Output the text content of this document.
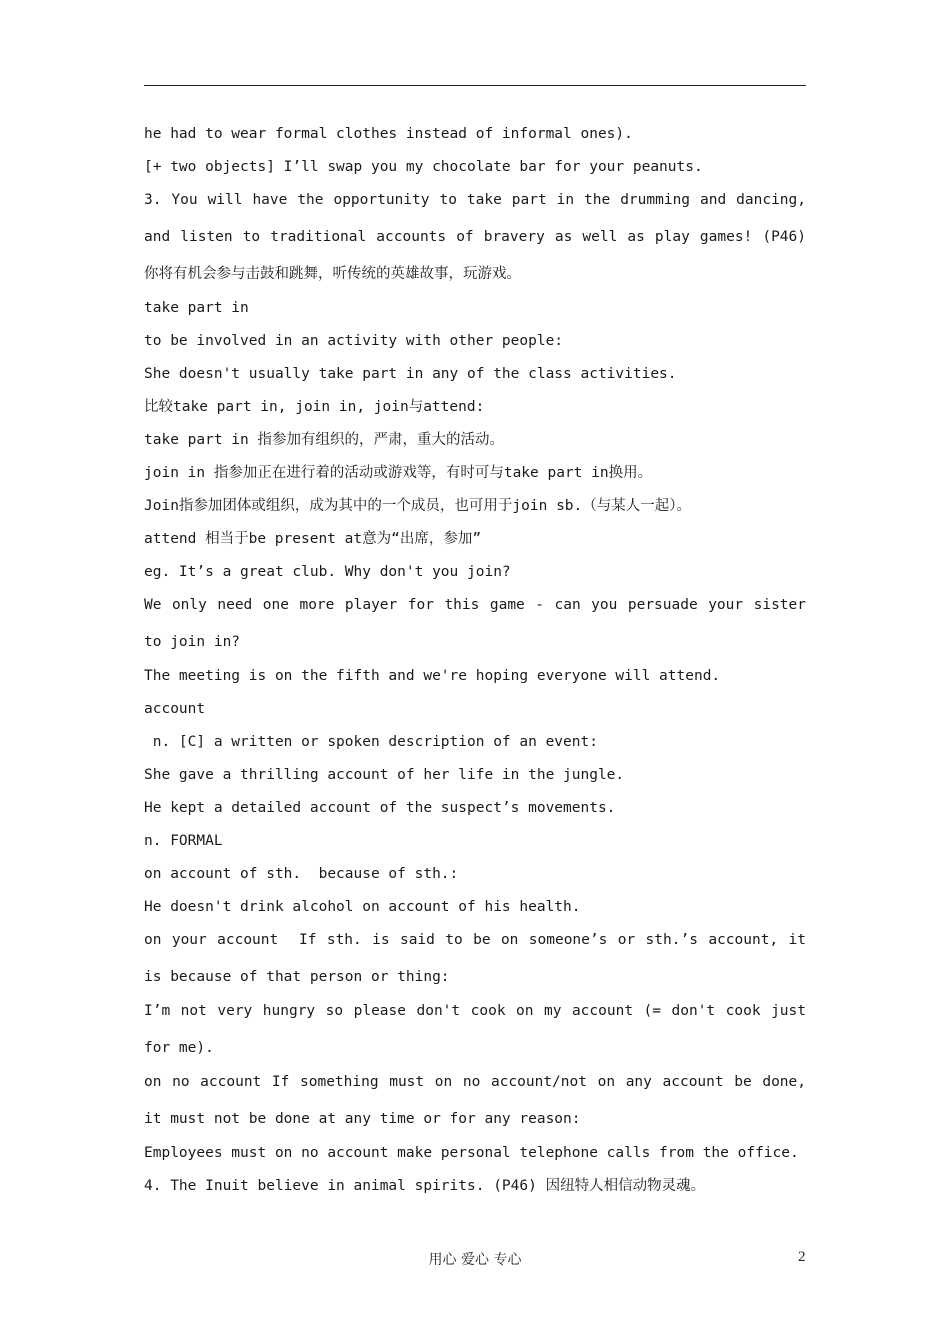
he had to wear formal clothes instead of informal ones).

[+ two objects] I’ll swap you my chocolate bar for your peanuts.

3. You will have the opportunity to take part in the drumming and dancing, and listen to traditional accounts of bravery as well as play games! (P46) 你将有机会参与击鼓和跳舞，听传统的英雄故事，玩游戏。

take part in

to be involved in an activity with other people:

She doesn't usually take part in any of the class activities.

比较take part in, join in, join与attend:

take part in 指参加有组织的，严肃，重大的活动。

join in 指参加正在进行着的活动或游戏等，有时可与take part in换用。

Join指参加团体或组织，成为其中的一个成员，也可用于join sb.（与某人一起）。

attend 相当于be present at意为“出席，参加”

eg. It’s a great club. Why don't you join?

We only need one more player for this game - can you persuade your sister to join in?

The meeting is on the fifth and we're hoping everyone will attend.

account

n. [C] a written or spoken description of an event:

She gave a thrilling account of her life in the jungle.

He kept a detailed account of the suspect’s movements.

n. FORMAL

on account of sth.  because of sth.:

He doesn't drink alcohol on account of his health.

on your account  If sth. is said to be on someone’s or sth.’s account, it is because of that person or thing:

I’m not very hungry so please don't cook on my account (= don't cook just for me).

on no account If something must on no account/not on any account be done, it must not be done at any time or for any reason:

Employees must on no account make personal telephone calls from the office.

4. The Inuit believe in animal spirits. (P46) 因纽特人相信动物灵魂。

用心 爱心 专心	2
